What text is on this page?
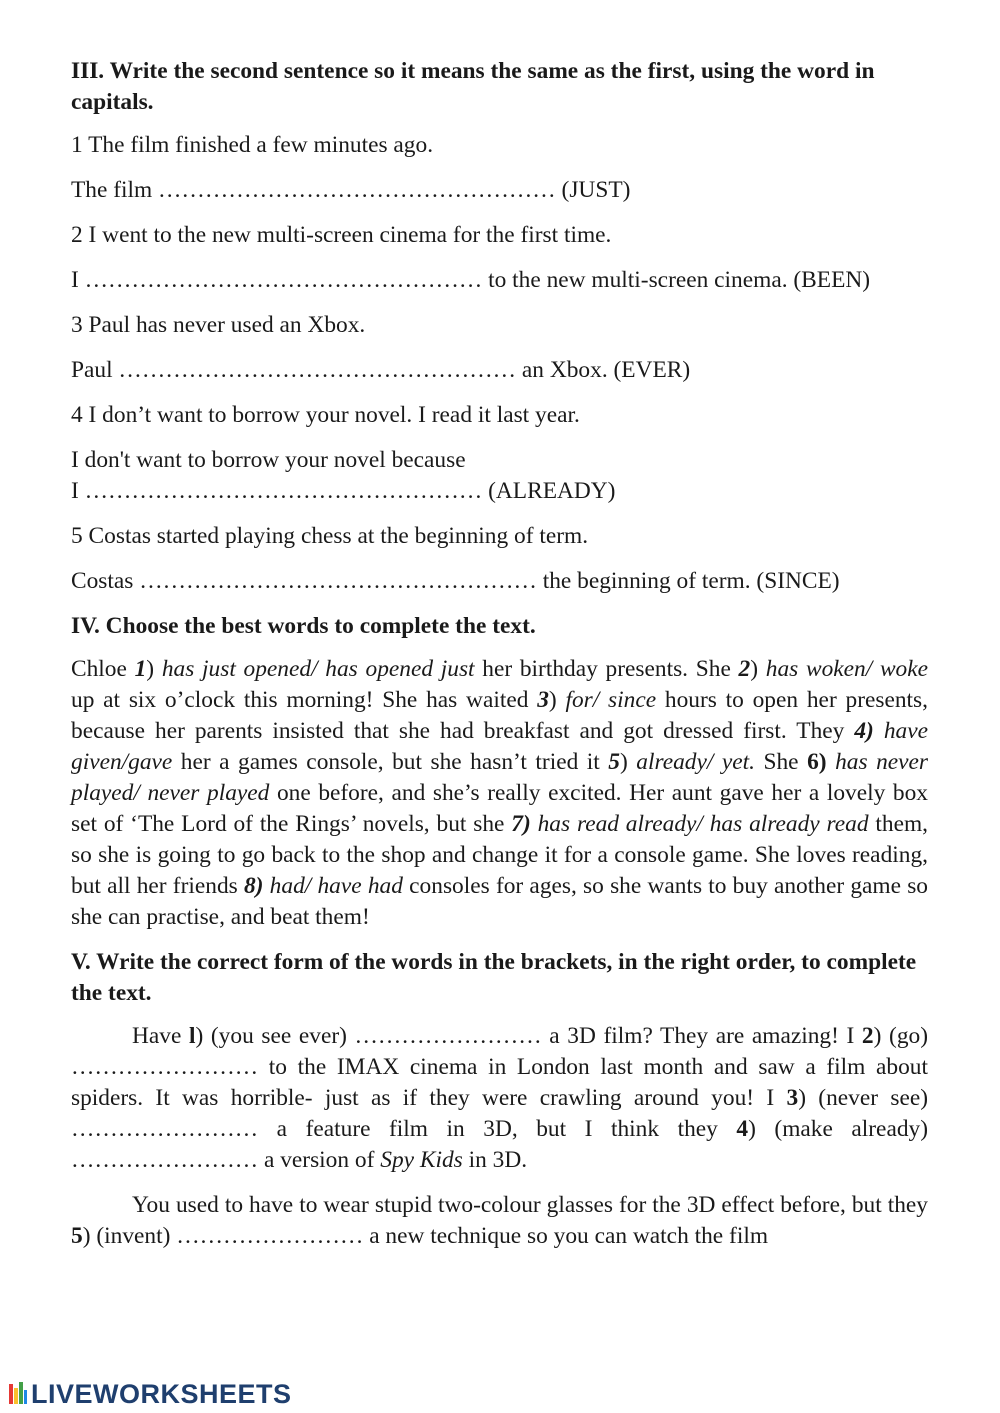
III. Write the second sentence so it means the same as the first, using the word in capitals.
1 The film finished a few minutes ago.
The film …………………………………………… (JUST)
2 I went to the new multi-screen cinema for the first time.
I …………………………………………… to the new multi-screen cinema. (BEEN)
3 Paul has never used an Xbox.
Paul …………………………………………… an Xbox. (EVER)
4 I don’t want to borrow your novel. I read it last year.
I don't want to borrow your novel because
I …………………………………………… (ALREADY)
5 Costas started playing chess at the beginning of term.
Costas …………………………………………… the beginning of term. (SINCE)
IV. Choose the best words to complete the text.
Chloe 1) has just opened/ has opened just her birthday presents. She 2) has woken/ woke up at six o’clock this morning! She has waited 3) for/ since hours to open her presents, because her parents insisted that she had breakfast and got dressed first. They 4) have given/gave her a games console, but she hasn’t tried it 5) already/ yet. She 6) has never played/ never played one before, and she’s really excited. Her aunt gave her a lovely box set of ‘The Lord of the Rings’ novels, but she 7) has read already/ has already read them, so she is going to go back to the shop and change it for a console game. She loves reading, but all her friends 8) had/ have had consoles for ages, so she wants to buy another game so she can practise, and beat them!
V. Write the correct form of the words in the brackets, in the right order, to complete the text.
Have l) (you see ever) …………………… a 3D film? They are amazing! I 2) (go) …………………… to the IMAX cinema in London last month and saw a film about spiders. It was horrible- just as if they were crawling around you! I 3) (never see) …………………… a feature film in 3D, but I think they 4) (make already) …………………… a version of Spy Kids in 3D.
You used to have to wear stupid two-colour glasses for the 3D effect before, but they 5) (invent) …………………… a new technique so you can watch the film
LIVEWORKSHEETS
